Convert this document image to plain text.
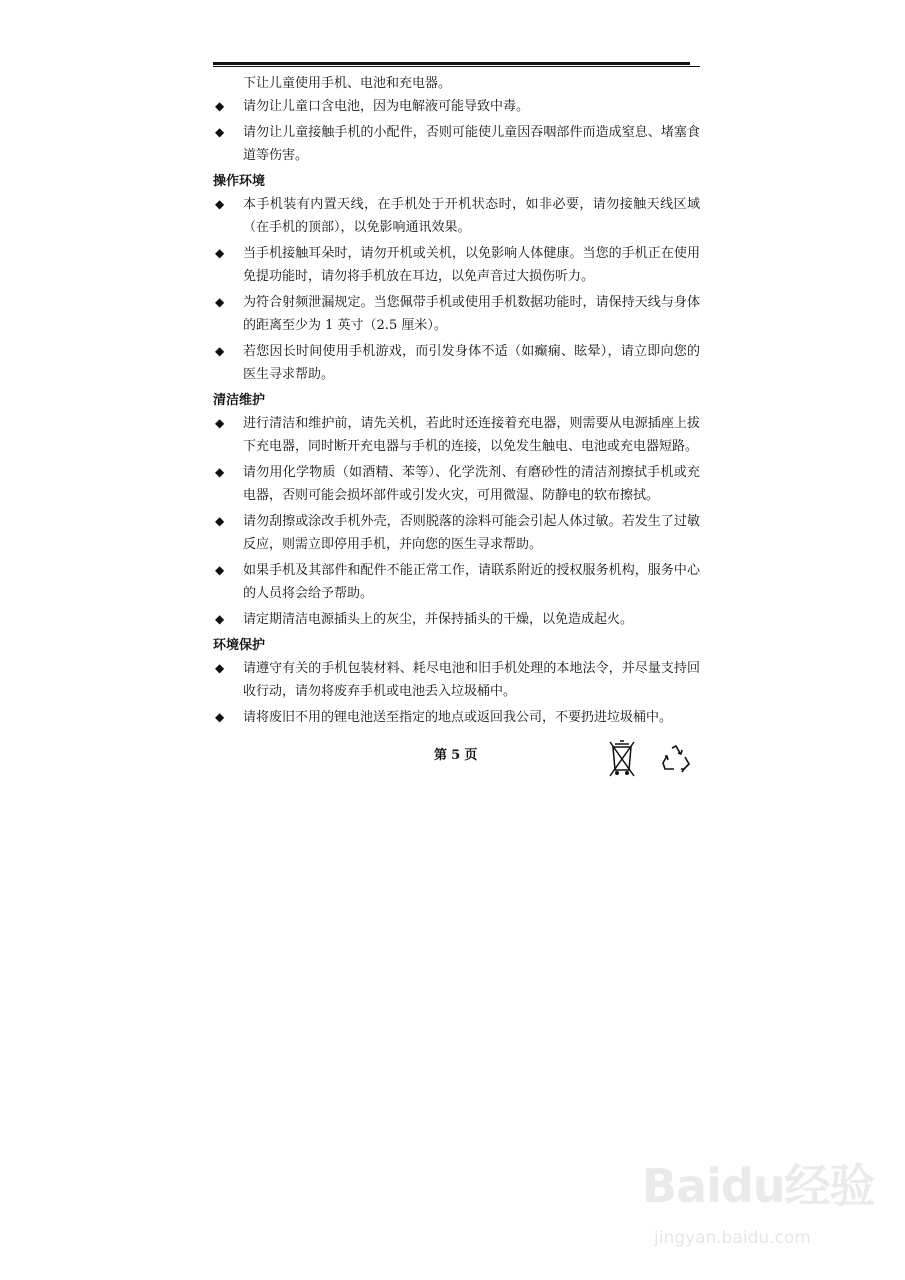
下让儿童使用手机、电池和充电器。
◆ 请勿让儿童口含电池，因为电解液可能导致中毒。
◆ 请勿让儿童接触手机的小配件，否则可能使儿童因吞咽部件而造成窒息、堵塞食道等伤害。
操作环境
◆ 本手机装有内置天线，在手机处于开机状态时，如非必要，请勿接触天线区域（在手机的顶部），以免影响通讯效果。
◆ 当手机接触耳朵时，请勿开机或关机，以免影响人体健康。当您的手机正在使用免提功能时，请勿将手机放在耳边，以免声音过大损伤听力。
◆ 为符合射频泄漏规定。当您佩带手机或使用手机数据功能时，请保持天线与身体的距离至少为 1 英寸（2.5 厘米）。
◆ 若您因长时间使用手机游戏，而引发身体不适（如癫痫、眩晕），请立即向您的医生寻求帮助。
清洁维护
◆ 进行清洁和维护前，请先关机，若此时还连接着充电器，则需要从电源插座上拔下充电器，同时断开充电器与手机的连接，以免发生触电、电池或充电器短路。
◆ 请勿用化学物质（如酒精、苯等）、化学洗剂、有磨砂性的清洁剂擦拭手机或充电器，否则可能会损坏部件或引发火灾，可用微湿、防静电的软布擦拭。
◆ 请勿刮擦或涂改手机外壳，否则脱落的涂料可能会引起人体过敏。若发生了过敏反应，则需立即停用手机，并向您的医生寻求帮助。
◆ 如果手机及其部件和配件不能正常工作，请联系附近的授权服务机构，服务中心的人员将会给予帮助。
◆ 请定期清洁电源插头上的灰尘，并保持插头的干燥，以免造成起火。
环境保护
◆ 请遵守有关的手机包装材料、耗尽电池和旧手机处理的本地法令，并尽量支持回收行动，请勿将废弃手机或电池丢入垃圾桶中。
◆ 请将废旧不用的锂电池送至指定的地点或返回我公司，不要扔进垃圾桶中。
第 5 页
Baidu经验
jingyan.baidu.com
